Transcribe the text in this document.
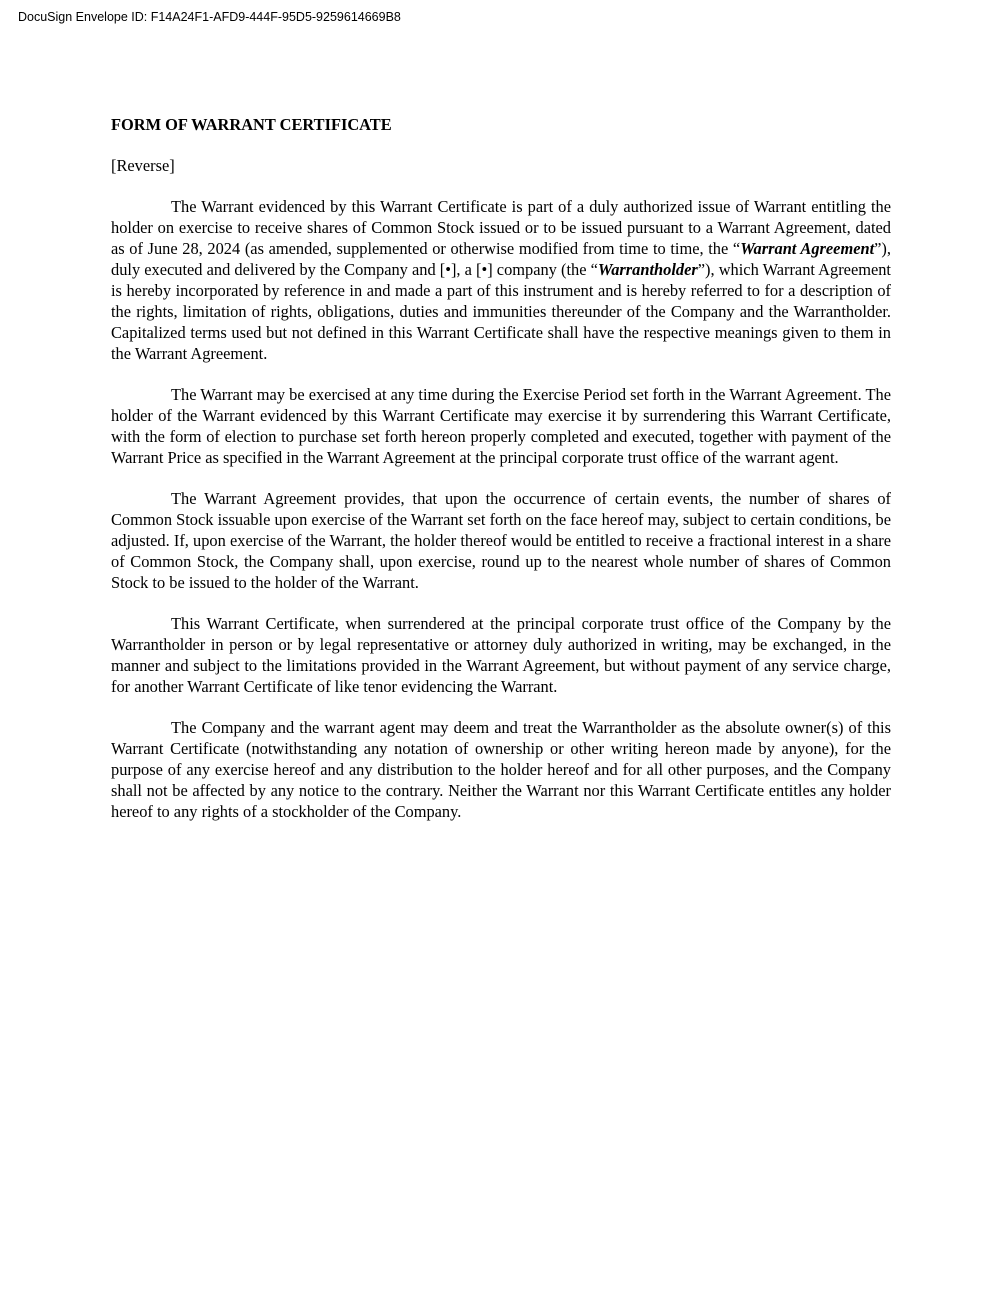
DocuSign Envelope ID: F14A24F1-AFD9-444F-95D5-9259614669B8
FORM OF WARRANT CERTIFICATE

[Reverse]

The Warrant evidenced by this Warrant Certificate is part of a duly authorized issue of Warrant entitling the holder on exercise to receive shares of Common Stock issued or to be issued pursuant to a Warrant Agreement, dated as of June 28, 2024 (as amended, supplemented or otherwise modified from time to time, the “Warrant Agreement”), duly executed and delivered by the Company and [•], a [•] company (the “Warrantholder”), which Warrant Agreement is hereby incorporated by reference in and made a part of this instrument and is hereby referred to for a description of the rights, limitation of rights, obligations, duties and immunities thereunder of the Company and the Warrantholder. Capitalized terms used but not defined in this Warrant Certificate shall have the respective meanings given to them in the Warrant Agreement.

The Warrant may be exercised at any time during the Exercise Period set forth in the Warrant Agreement. The holder of the Warrant evidenced by this Warrant Certificate may exercise it by surrendering this Warrant Certificate, with the form of election to purchase set forth hereon properly completed and executed, together with payment of the Warrant Price as specified in the Warrant Agreement at the principal corporate trust office of the warrant agent.

The Warrant Agreement provides, that upon the occurrence of certain events, the number of shares of Common Stock issuable upon exercise of the Warrant set forth on the face hereof may, subject to certain conditions, be adjusted. If, upon exercise of the Warrant, the holder thereof would be entitled to receive a fractional interest in a share of Common Stock, the Company shall, upon exercise, round up to the nearest whole number of shares of Common Stock to be issued to the holder of the Warrant.

This Warrant Certificate, when surrendered at the principal corporate trust office of the Company by the Warrantholder in person or by legal representative or attorney duly authorized in writing, may be exchanged, in the manner and subject to the limitations provided in the Warrant Agreement, but without payment of any service charge, for another Warrant Certificate of like tenor evidencing the Warrant.

The Company and the warrant agent may deem and treat the Warrantholder as the absolute owner(s) of this Warrant Certificate (notwithstanding any notation of ownership or other writing hereon made by anyone), for the purpose of any exercise hereof and any distribution to the holder hereof and for all other purposes, and the Company shall not be affected by any notice to the contrary. Neither the Warrant nor this Warrant Certificate entitles any holder hereof to any rights of a stockholder of the Company.
